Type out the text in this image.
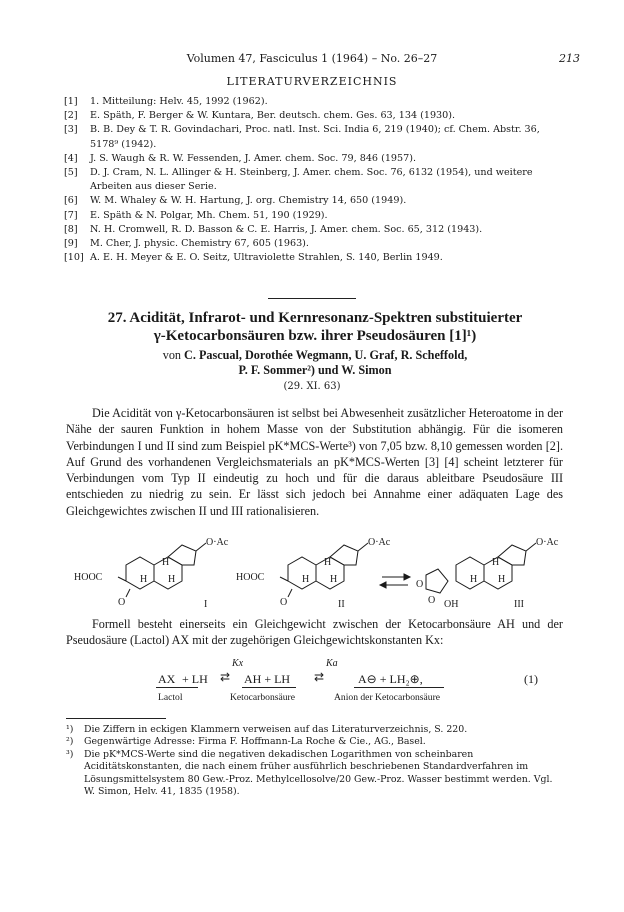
Volumen 47, Fasciculus 1 (1964) – No. 26–27	213
LITERATURVERZEICHNIS
[1] 1. Mitteilung: Helv. 45, 1992 (1962).
[2] E. Späth, F. Berger & W. Kuntara, Ber. deutsch. chem. Ges. 63, 134 (1930).
[3] B. B. Dey & T. R. Govindachari, Proc. natl. Inst. Sci. India 6, 219 (1940); cf. Chem. Abstr. 36, 5178⁹ (1942).
[4] J. S. Waugh & R. W. Fessenden, J. Amer. chem. Soc. 79, 846 (1957).
[5] D. J. Cram, N. L. Allinger & H. Steinberg, J. Amer. chem. Soc. 76, 6132 (1954), und weitere Arbeiten aus dieser Serie.
[6] W. M. Whaley & W. H. Hartung, J. org. Chemistry 14, 650 (1949).
[7] E. Späth & N. Polgar, Mh. Chem. 51, 190 (1929).
[8] N. H. Cromwell, R. D. Basson & C. E. Harris, J. Amer. chem. Soc. 65, 312 (1943).
[9] M. Cher, J. physic. Chemistry 67, 605 (1963).
[10] A. E. H. Meyer & E. O. Seitz, Ultraviolette Strahlen, S. 140, Berlin 1949.
27. Acidität, Infrarot- und Kernresonanz-Spektren substituierter
γ-Ketocarbonsäuren bzw. ihrer Pseudosäuren [1]¹)
von C. Pascual, Dorothée Wegmann, U. Graf, R. Scheffold,
P. F. Sommer²) und W. Simon
(29. XI. 63)
Die Acidität von γ-Ketocarbonsäuren ist selbst bei Abwesenheit zusätzlicher Heteroatome in der Nähe der sauren Funktion in hohem Masse von der Substitution abhängig. Für die isomeren Verbindungen I und II sind zum Beispiel pK*MCS-Werte³) von 7,05 bzw. 8,10 gemessen worden [2]. Auf Grund des vorhandenen Vergleichsmaterials an pK*MCS-Werten [3] [4] scheint letzterer für Verbindungen vom Typ II eindeutig zu hoch und für die daraus ableitbare Pseudosäure III entschieden zu niedrig zu sein. Er lässt sich jedoch bei Annahme einer adäquaten Lage des Gleichgewichtes zwischen II und III rationalisieren.
O·Ac	O·Ac	O·Ac
HOOC	HOOC
H
H H
H
H H
H
H H
O	O
O
O OH
I	II	III
Formell besteht einerseits ein Gleichgewicht zwischen der Ketocarbonsäure AH und der Pseudosäure (Lactol) AX mit der zugehörigen Gleichgewichtskonstanten Kx:
Kx	Ka
AX + LH ⇄ AH + LH ⇄	A⊖ + LH₂⊕,	(1)
Lactol	Ketocarbonsäure	Anion der Ketocarbonsäure
¹) Die Ziffern in eckigen Klammern verweisen auf das Literaturverzeichnis, S. 220.
²) Gegenwärtige Adresse: Firma F. Hoffmann-La Roche & Cie., AG., Basel.
³) Die pK*MCS-Werte sind die negativen dekadischen Logarithmen von scheinbaren Aciditätskonstanten, die nach einem früher ausführlich beschriebenen Standardverfahren im Lösungsmittelsystem 80 Gew.-Proz. Methylcellosolve/20 Gew.-Proz. Wasser bestimmt werden. Vgl. W. Simon, Helv. 41, 1835 (1958).
